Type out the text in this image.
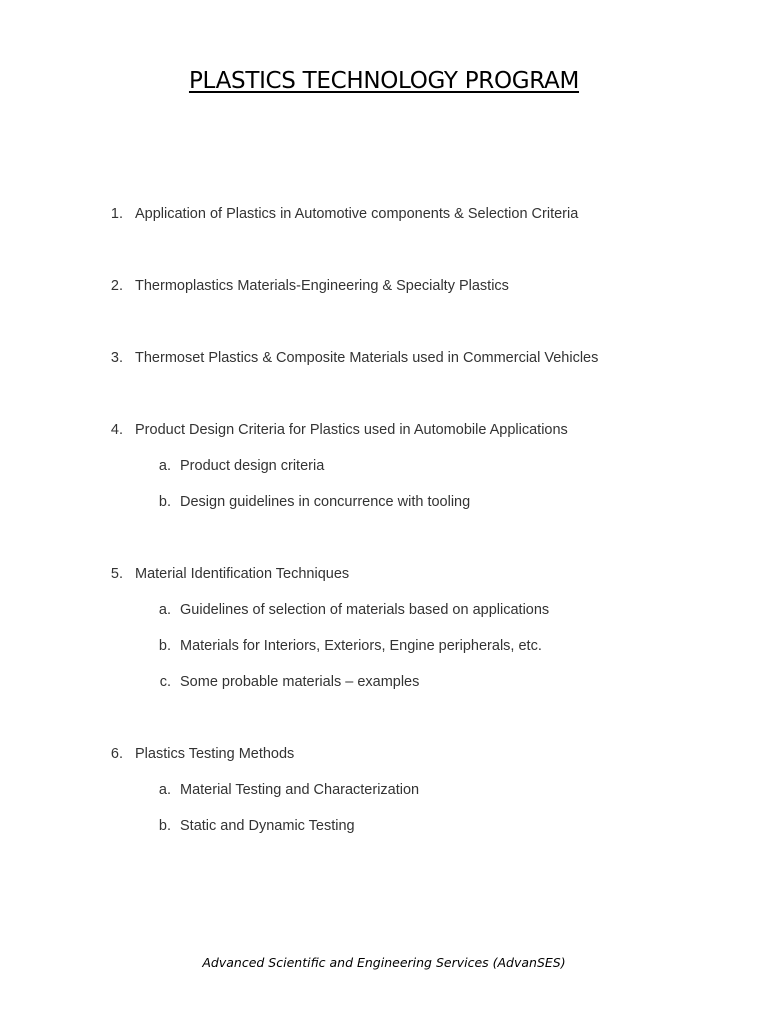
PLASTICS TECHNOLOGY PROGRAM
1. Application of Plastics in Automotive components & Selection Criteria
2. Thermoplastics Materials-Engineering & Specialty Plastics
3. Thermoset Plastics & Composite Materials used in Commercial Vehicles
4. Product Design Criteria for Plastics used in Automobile Applications
a. Product design criteria
b. Design guidelines in concurrence with tooling
5. Material Identification Techniques
a. Guidelines of selection of materials based on applications
b. Materials for Interiors, Exteriors, Engine peripherals, etc.
c. Some probable materials – examples
6. Plastics Testing Methods
a. Material Testing and Characterization
b. Static and Dynamic Testing
Advanced Scientific and Engineering Services (AdvanSES)
